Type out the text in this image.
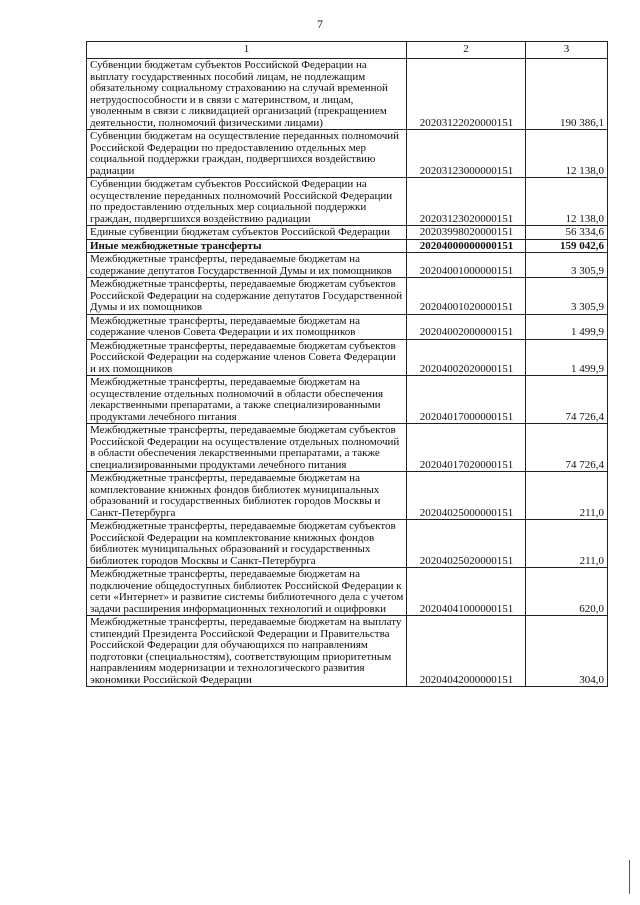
7
1	2	3
Субвенции бюджетам субъектов Российской Федерации на выплату государственных пособий лицам, не подлежащим обязательному социальному страхованию на случай временной нетрудоспособности и в связи с материнством, и лицам, уволенным в связи с ликвидацией организаций (прекращением деятельности, полномочий физическими лицами)	20203122020000151	190 386,1
Субвенции бюджетам на осуществление переданных полномочий Российской Федерации по предоставлению отдельных мер социальной поддержки граждан, подвергшихся воздействию радиации	20203123000000151	12 138,0
Субвенции бюджетам субъектов Российской Федерации на осуществление переданных полномочий Российской Федерации по предоставлению отдельных мер социальной поддержки граждан, подвергшихся воздействию радиации	20203123020000151	12 138,0
Единые субвенции бюджетам субъектов Российской Федерации	20203998020000151	56 334,6
Иные межбюджетные трансферты	20204000000000151	159 042,6
Межбюджетные трансферты, передаваемые бюджетам на содержание депутатов Государственной Думы и их помощников	20204001000000151	3 305,9
Межбюджетные трансферты, передаваемые бюджетам субъектов Российской Федерации на содержание депутатов Государственной Думы и их помощников	20204001020000151	3 305,9
Межбюджетные трансферты, передаваемые бюджетам на содержание членов Совета Федерации и их помощников	20204002000000151	1 499,9
Межбюджетные трансферты, передаваемые бюджетам субъектов Российской Федерации на содержание членов Совета Федерации и их помощников	20204002020000151	1 499,9
Межбюджетные трансферты, передаваемые бюджетам на осуществление отдельных полномочий в области обеспечения лекарственными препаратами, а также специализированными продуктами лечебного питания	20204017000000151	74 726,4
Межбюджетные трансферты, передаваемые бюджетам субъектов Российской Федерации на осуществление отдельных полномочий в области обеспечения лекарственными препаратами, а также специализированными продуктами лечебного питания	20204017020000151	74 726,4
Межбюджетные трансферты, передаваемые бюджетам на комплектование книжных фондов библиотек муниципальных образований и государственных библиотек городов Москвы и Санкт-Петербурга	20204025000000151	211,0
Межбюджетные трансферты, передаваемые бюджетам субъектов Российской Федерации на комплектование книжных фондов библиотек муниципальных образований и государственных библиотек городов Москвы и Санкт-Петербурга	20204025020000151	211,0
Межбюджетные трансферты, передаваемые бюджетам на подключение общедоступных библиотек Российской Федерации к сети «Интернет» и развитие системы библиотечного дела с учетом задачи расширения информационных технологий и оцифровки	20204041000000151	620,0
Межбюджетные трансферты, передаваемые бюджетам на выплату стипендий Президента Российской Федерации и Правительства Российской Федерации для обучающихся по направлениям подготовки (специальностям), соответствующим приоритетным направлениям модернизации и технологического развития экономики Российской Федерации	20204042000000151	304,0
